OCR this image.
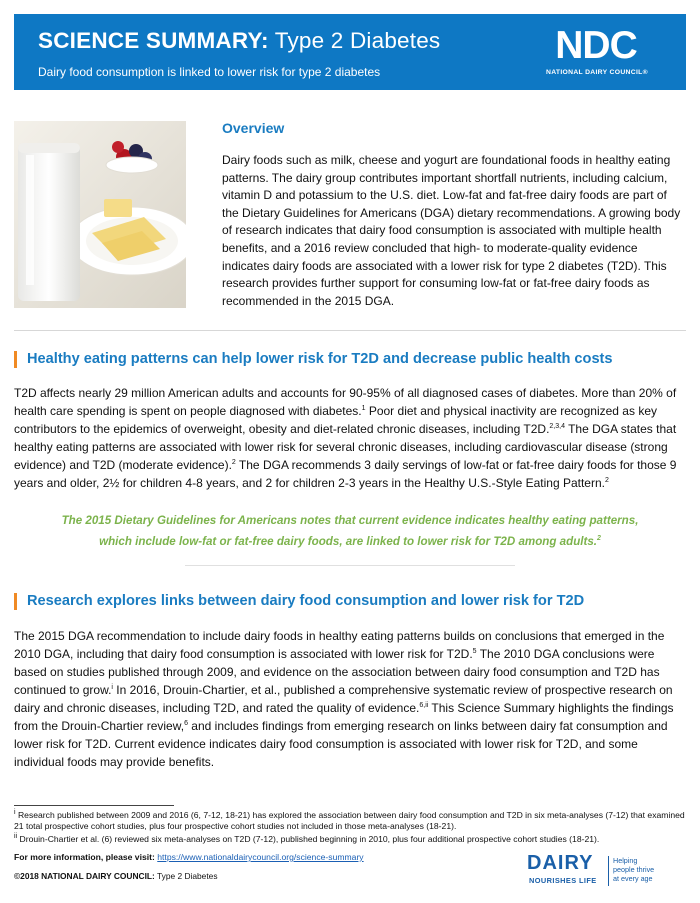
SCIENCE SUMMARY: Type 2 Diabetes
Dairy food consumption is linked to lower risk for type 2 diabetes
NDC
NATIONAL DAIRY COUNCIL®
Overview
Dairy foods such as milk, cheese and yogurt are foundational foods in healthy eating patterns. The dairy group contributes important shortfall nutrients, including calcium, vitamin D and potassium to the U.S. diet. Low-fat and fat-free dairy foods are part of the Dietary Guidelines for Americans (DGA) dietary recommendations. A growing body of research indicates that dairy food consumption is associated with multiple health benefits, and a 2016 review concluded that high- to moderate-quality evidence indicates dairy foods are associated with a lower risk for type 2 diabetes (T2D). This research provides further support for consuming low-fat or fat-free dairy foods as recommended in the 2015 DGA.
Healthy eating patterns can help lower risk for T2D and decrease public health costs
T2D affects nearly 29 million American adults and accounts for 90-95% of all diagnosed cases of diabetes. More than 20% of health care spending is spent on people diagnosed with diabetes.$^1$ Poor diet and physical inactivity are recognized as key contributors to the epidemics of overweight, obesity and diet-related chronic diseases, including T2D.$^{2,3,4}$ The DGA states that healthy eating patterns are associated with lower risk for several chronic diseases, including cardiovascular disease (strong evidence) and T2D (moderate evidence).$^2$ The DGA recommends 3 daily servings of low-fat or fat-free dairy foods for those 9 years and older, 2½ for children 4-8 years, and 2 for children 2-3 years in the Healthy U.S.-Style Eating Pattern.$^2$
The 2015 Dietary Guidelines for Americans notes that current evidence indicates healthy eating patterns,
which include low-fat or fat-free dairy foods, are linked to lower risk for T2D among adults.$^2$
Research explores links between dairy food consumption and lower risk for T2D
The 2015 DGA recommendation to include dairy foods in healthy eating patterns builds on conclusions that emerged in the 2010 DGA, including that dairy food consumption is associated with lower risk for T2D.$^5$ The 2010 DGA conclusions were based on studies published through 2009, and evidence on the association between dairy food consumption and T2D has continued to grow.$^i$ In 2016, Drouin-Chartier, et al., published a comprehensive systematic review of prospective research on dairy and chronic diseases, including T2D, and rated the quality of evidence.$^{6,ii}$ This Science Summary highlights the findings from the Drouin-Chartier review,$^6$ and includes findings from emerging research on links between dairy fat consumption and lower risk for T2D. Current evidence indicates dairy food consumption is associated with lower risk for T2D, and some individual foods may provide benefits.
$^i$ Research published between 2009 and 2016 (6, 7-12, 18-21) has explored the association between dairy food consumption and T2D in six meta-analyses (7-12) that examined 21 total prospective cohort studies, plus four prospective cohort studies not included in those meta-analyses (18-21).
$^{ii}$ Drouin-Chartier et al. (6) reviewed six meta-analyses on T2D (7-12), published beginning in 2010, plus four additional prospective cohort studies (18-21).
For more information, please visit: https://www.nationaldairycouncil.org/science-summary
©2018 NATIONAL DAIRY COUNCIL: Type 2 Diabetes
DAIRY
NOURISHES LIFE
Helping
people thrive
at every age
